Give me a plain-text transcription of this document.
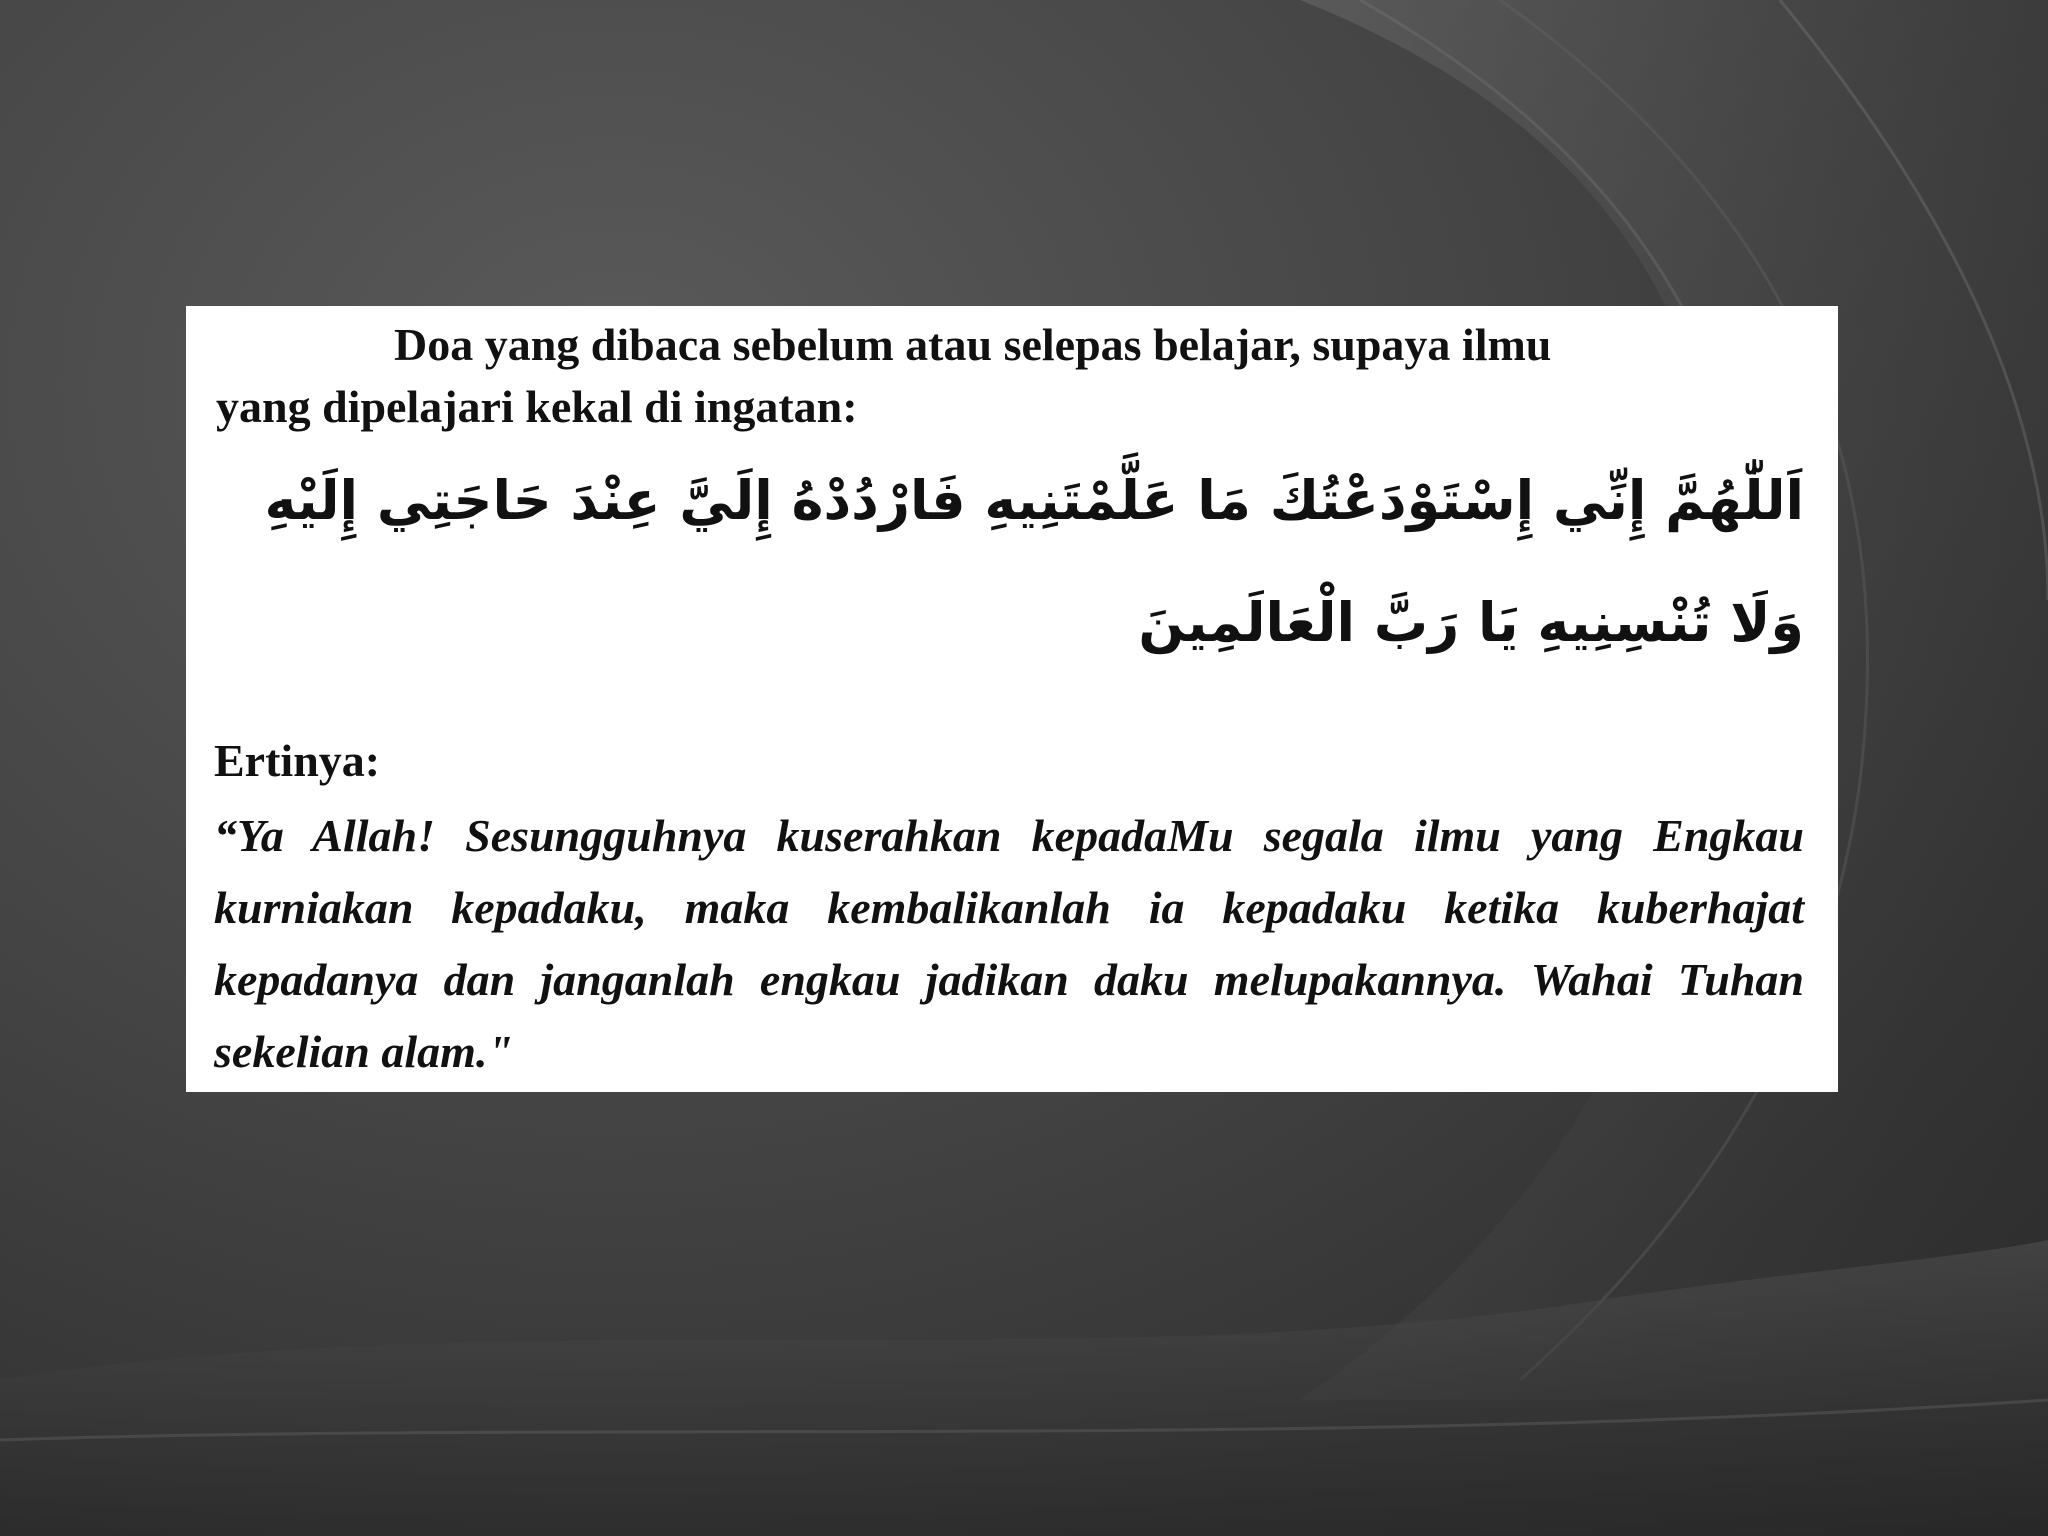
Doa yang dibaca sebelum atau selepas belajar, supaya ilmu
yang dipelajari kekal di ingatan:
اَللّٰهُمَّ إِنِّي إِسْتَوْدَعْتُكَ مَا عَلَّمْتَنِيهِ فَارْدُدْهُ إِلَيَّ عِنْدَ حَاجَتِي إِلَيْهِ
وَلَا تُنْسِنِيهِ يَا رَبَّ الْعَالَمِينَ
Ertinya:
“Ya Allah! Sesungguhnya kuserahkan kepadaMu segala ilmu yang Engkau kurniakan kepadaku, maka kembalikanlah ia kepadaku ketika kuberhajat kepadanya dan janganlah engkau jadikan daku melupakannya. Wahai Tuhan sekelian alam."
